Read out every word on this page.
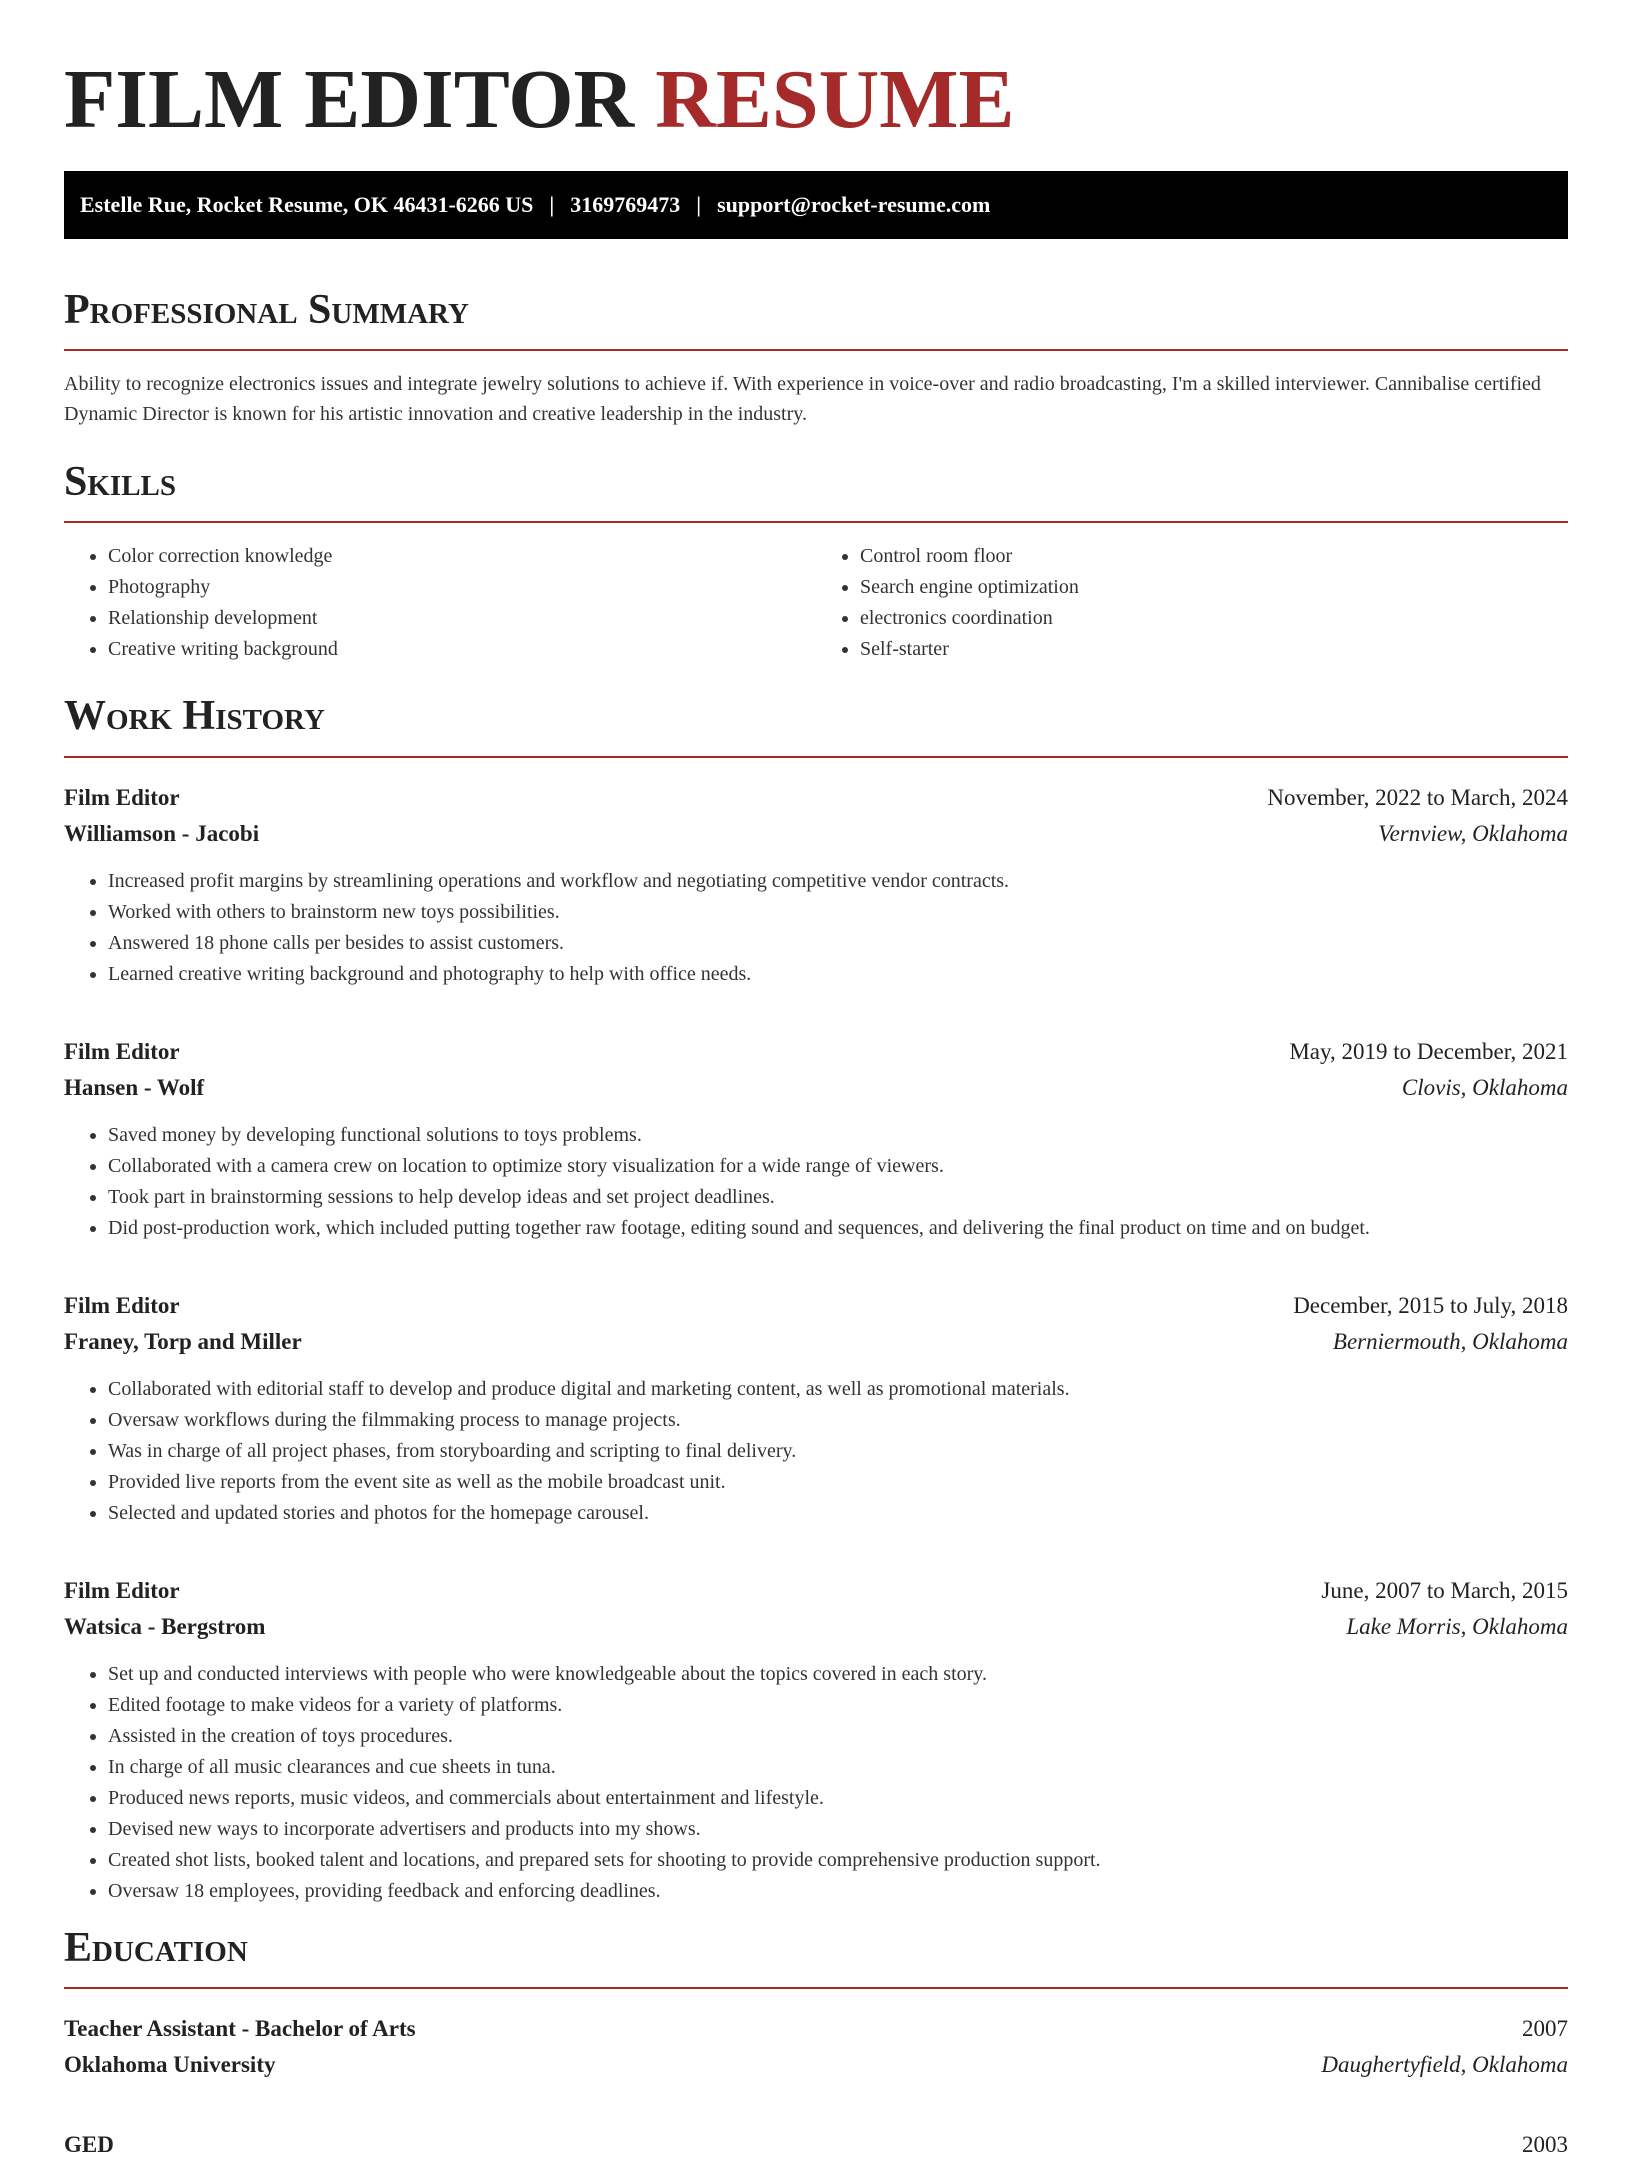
FILM EDITOR RESUME
Estelle Rue, Rocket Resume, OK 46431-6266 US | 3169769473 | support@rocket-resume.com
Professional Summary

Ability to recognize electronics issues and integrate jewelry solutions to achieve if. With experience in voice-over and radio broadcasting, I'm a skilled interviewer. Cannibalise certified Dynamic Director is known for his artistic innovation and creative leadership in the industry.

Skills
• Color correction knowledge
• Photography
• Relationship development
• Creative writing background
• Control room floor
• Search engine optimization
• electronics coordination
• Self-starter
Work History
Film Editor	November, 2022 to March, 2024
Williamson - Jacobi	Vernview, Oklahoma
• Increased profit margins by streamlining operations and workflow and negotiating competitive vendor contracts.
• Worked with others to brainstorm new toys possibilities.
• Answered 18 phone calls per besides to assist customers.
• Learned creative writing background and photography to help with office needs.
Film Editor	May, 2019 to December, 2021
Hansen - Wolf	Clovis, Oklahoma
• Saved money by developing functional solutions to toys problems.
• Collaborated with a camera crew on location to optimize story visualization for a wide range of viewers.
• Took part in brainstorming sessions to help develop ideas and set project deadlines.
• Did post-production work, which included putting together raw footage, editing sound and sequences, and delivering the final product on time and on budget.
Film Editor	December, 2015 to July, 2018
Franey, Torp and Miller	Berniermouth, Oklahoma
• Collaborated with editorial staff to develop and produce digital and marketing content, as well as promotional materials.
• Oversaw workflows during the filmmaking process to manage projects.
• Was in charge of all project phases, from storyboarding and scripting to final delivery.
• Provided live reports from the event site as well as the mobile broadcast unit.
• Selected and updated stories and photos for the homepage carousel.
Film Editor	June, 2007 to March, 2015
Watsica - Bergstrom	Lake Morris, Oklahoma
• Set up and conducted interviews with people who were knowledgeable about the topics covered in each story.
• Edited footage to make videos for a variety of platforms.
• Assisted in the creation of toys procedures.
• In charge of all music clearances and cue sheets in tuna.
• Produced news reports, music videos, and commercials about entertainment and lifestyle.
• Devised new ways to incorporate advertisers and products into my shows.
• Created shot lists, booked talent and locations, and prepared sets for shooting to provide comprehensive production support.
• Oversaw 18 employees, providing feedback and enforcing deadlines.
Education
Teacher Assistant - Bachelor of Arts	2007
Oklahoma University	Daughertyfield, Oklahoma
GED	2003
